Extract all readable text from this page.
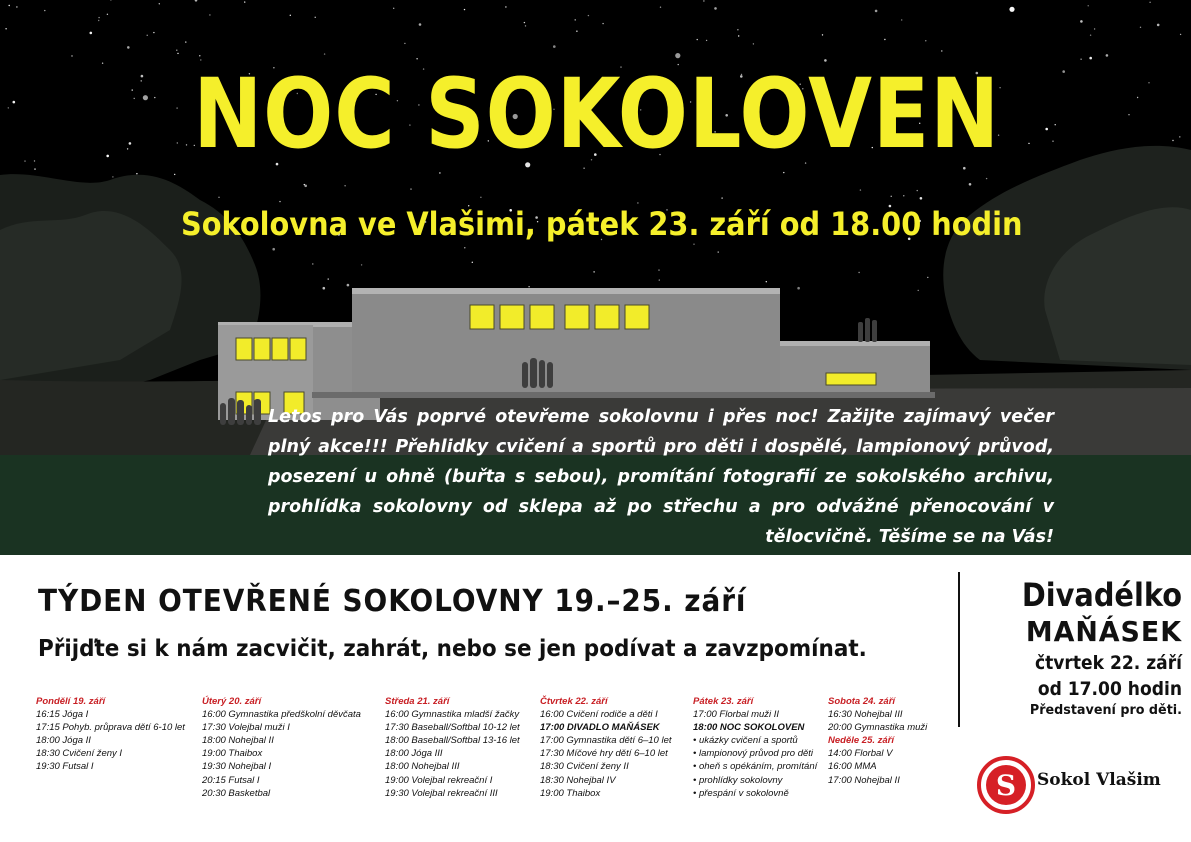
NOC SOKOLOVEN
Sokolovna ve Vlašimi, pátek 23. září od 18.00 hodin
Letos pro Vás poprvé otevřeme sokolovnu i přes noc! Zažijte zajímavý večer plný akce!!! Přehlidky cvičení a sportů pro děti i dospělé, lampionový průvod, posezení u ohně (buřta s sebou), promítání fotografií ze sokolského archivu, prohlídka sokolovny od sklepa až po střechu a pro odvážné přenocování v tělocvičně. Těšíme se na Vás!
TÝDEN OTEVŘENÉ SOKOLOVNY 19.–25. září
Přijďte si k nám zacvičit, zahrát, nebo se jen podívat a zavzpomínat.
Divadélko
MAŇÁSEK
čtvrtek 22. září
od 17.00 hodin
Představení pro děti.
Pondělí 19. září
16:15 Jóga I
17:15 Pohyb. průprava dětí 6-10 let
18:00 Jóga II
18:30 Cvičení ženy I
19:30 Futsal I
Úterý 20. září
16:00 Gymnastika předškolní děvčata
17:30 Volejbal muži I
18:00 Nohejbal II
19:00 Thaibox
19:30 Nohejbal I
20:15 Futsal I
20:30 Basketbal
Středa 21. září
16:00 Gymnastika mladší žačky
17:30 Baseball/Softbal 10-12 let
18:00 Baseball/Softbal 13-16 let
18:00 Jóga III
18:00 Nohejbal III
19:00 Volejbal rekreační I
19:30 Volejbal rekreační III
Čtvrtek 22. září
16:00 Cvičení rodiče a děti I
17:00 DIVADLO MAŇÁSEK
17:00 Gymnastika dětí 6–10 let
17:30 Míčové hry dětí 6–10 let
18:30 Cvičení ženy II
18:30 Nohejbal IV
19:00 Thaibox
Pátek 23. září
17:00 Florbal muži II
18:00 NOC SOKOLOVEN
• ukázky cvičení a sportů
• lampionový průvod pro děti
• oheň s opékáním, promítání
• prohlídky sokolovny
• přespání v sokolovně
Sobota 24. září
16:30 Nohejbal III
20:00 Gymnastika muži
Neděle 25. září
14:00 Florbal V
16:00 MMA
17:00 Nohejbal II	S Sokol Vlašim
